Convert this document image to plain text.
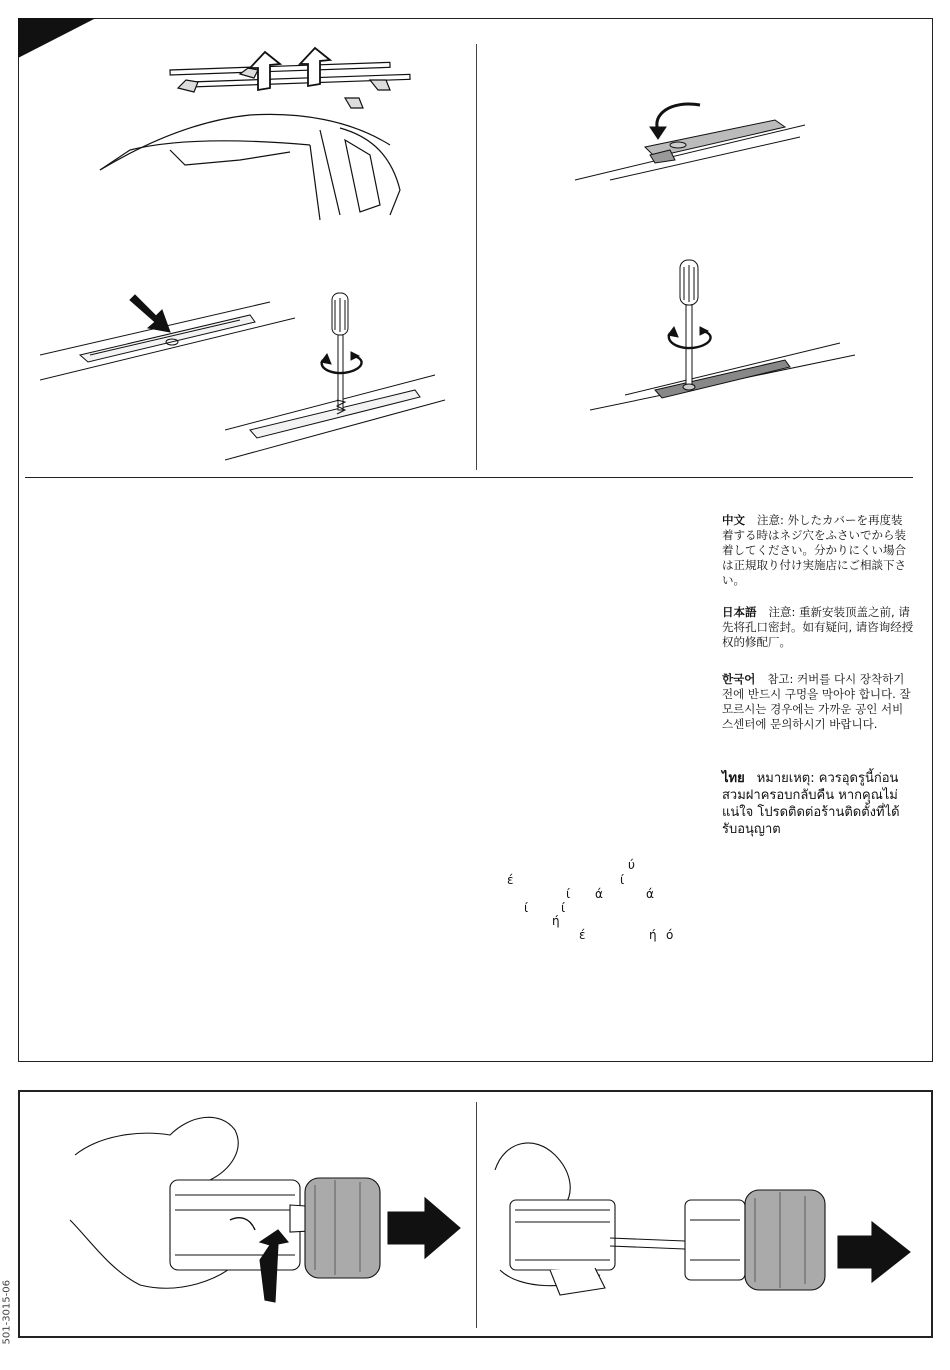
中文 注意: 外したカバーを再度装着する時はネジ穴をふさいでから装着してください。分かりにくい場合は正規取り付け実施店にご相談下さい。
日本語 注意: 重新安装顶盖之前, 请先将孔口密封。如有疑问, 请咨询经授权的修配厂。
한국어 참고: 커버를 다시 장착하기 전에 반드시 구멍을 막아야 합니다. 잘 모르시는 경우에는 가까운 공인 서비스센터에 문의하시기 바랍니다.
ไทย หมายเหตุ: ควรอุดรูนี้ก่อนสวมฝาครอบกลับคืน หากคุณไม่แน่ใจ โปรดติดต่อร้านติดตั้งที่ได้รับอนุญาต
ύ
έ	ί
ί ά	ά
ί	ί
ή
έ	ή ό
501-3015-06
